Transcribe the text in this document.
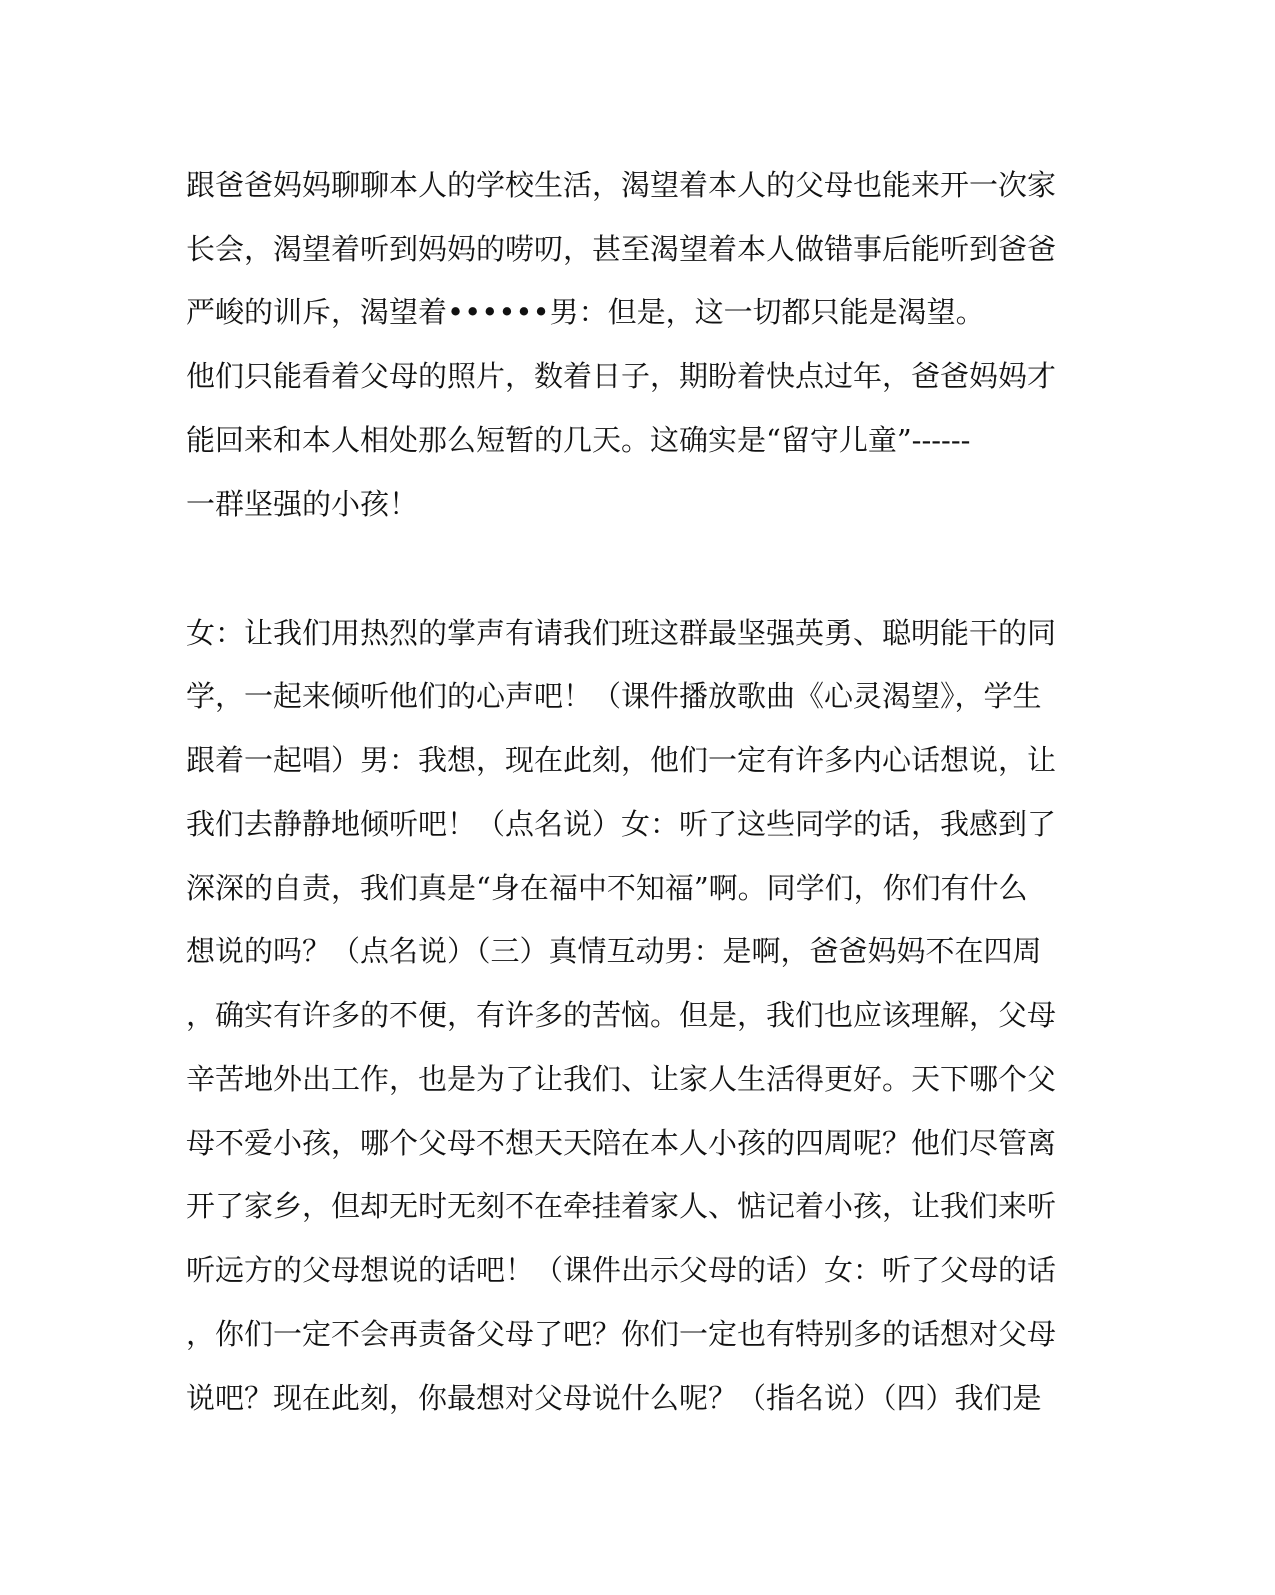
跟爸爸妈妈聊聊本人的学校生活，渴望着本人的父母也能来开一次家
长会，渴望着听到妈妈的唠叨，甚至渴望着本人做错事后能听到爸爸
严峻的训斥，渴望着••••••男：但是，这一切都只能是渴望。
他们只能看着父母的照片，数着日子，期盼着快点过年，爸爸妈妈才
能回来和本人相处那么短暂的几天。这确实是“留守儿童”------
一群坚强的小孩！
女：让我们用热烈的掌声有请我们班这群最坚强英勇、聪明能干的同
学，一起来倾听他们的心声吧！（课件播放歌曲《心灵渴望》，学生
跟着一起唱）男：我想，现在此刻，他们一定有许多内心话想说，让
我们去静静地倾听吧！（点名说）女：听了这些同学的话，我感到了
深深的自责，我们真是“身在福中不知福”啊。同学们，你们有什么
想说的吗？（点名说）（三）真情互动男：是啊，爸爸妈妈不在四周
，确实有许多的不便，有许多的苦恼。但是，我们也应该理解，父母
辛苦地外出工作，也是为了让我们、让家人生活得更好。天下哪个父
母不爱小孩，哪个父母不想天天陪在本人小孩的四周呢？他们尽管离
开了家乡，但却无时无刻不在牵挂着家人、惦记着小孩，让我们来听
听远方的父母想说的话吧！（课件出示父母的话）女：听了父母的话
，你们一定不会再责备父母了吧？你们一定也有特别多的话想对父母
说吧？现在此刻，你最想对父母说什么呢？（指名说）（四）我们是
